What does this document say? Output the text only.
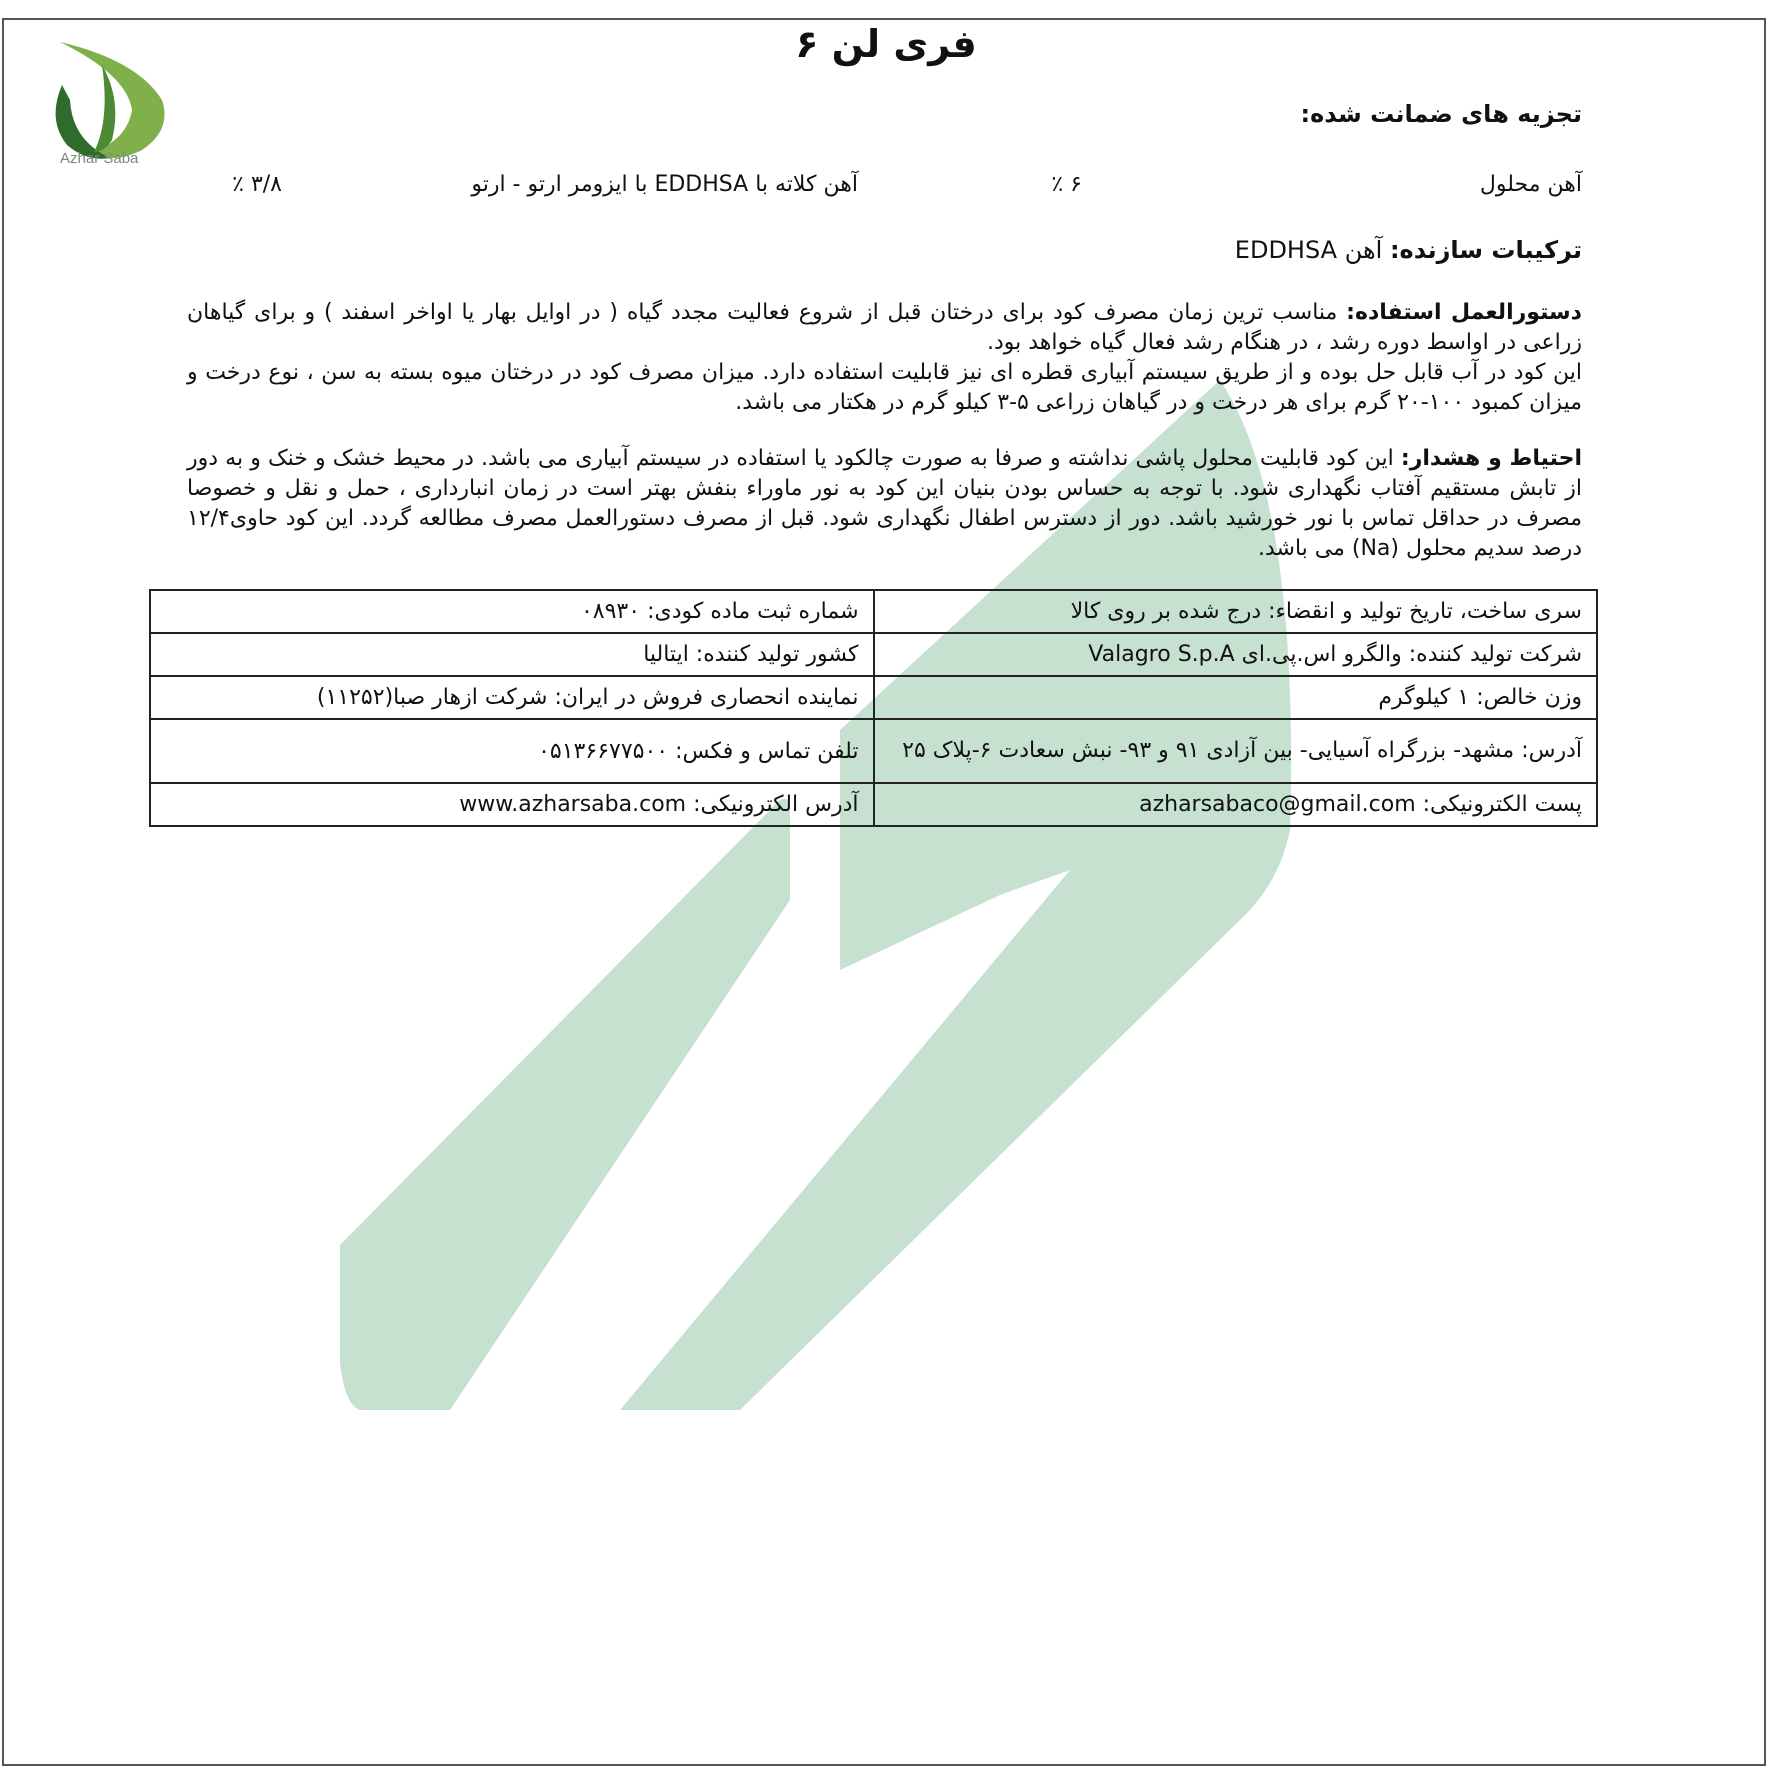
Azhar Saba
فری لن ۶
تجزیه های ضمانت شده:
آهن محلول
۶ ٪
آهن کلاته با EDDHSA با ایزومر ارتو - ارتو
۳/۸ ٪
ترکیبات سازنده: آهن EDDHSA
دستورالعمل استفاده: مناسب ترین زمان مصرف کود برای درختان قبل از شروع فعالیت مجدد گیاه ( در اوایل بهار یا اواخر اسفند ) و برای گیاهان زراعی در اواسط دوره رشد ، در هنگام رشد فعال گیاه خواهد بود.
این کود در آب قابل حل بوده و از طریق سیستم آبیاری قطره ای نیز قابلیت استفاده دارد. میزان مصرف کود در درختان میوه بسته به سن ، نوع درخت و میزان کمبود ۱۰۰-۲۰ گرم برای هر درخت و در گیاهان زراعی ۵-۳ کیلو گرم در هکتار می باشد.
احتیاط و هشدار: این کود قابلیت محلول پاشی نداشته و صرفا به صورت چالکود یا استفاده در سیستم آبیاری می باشد. در محیط خشک و خنک و به دور از تابش مستقیم آفتاب نگهداری شود. با توجه به حساس بودن بنیان این کود به نور ماوراء بنفش بهتر است در زمان انبارداری ، حمل و نقل و خصوصا مصرف در حداقل تماس با نور خورشید باشد. دور از دسترس اطفال نگهداری شود. قبل از مصرف دستورالعمل مصرف مطالعه گردد. این کود حاوی۱۲/۴ درصد سدیم محلول (Na) می باشد.
سری ساخت، تاریخ تولید و انقضاء: درج شده بر روی کالا	شماره ثبت ماده کودی: ۰۸۹۳۰
شرکت تولید کننده: والگرو اس.پی.ای Valagro S.p.A	کشور تولید کننده: ایتالیا
وزن خالص: ۱ کیلوگرم	نماینده انحصاری فروش در ایران: شرکت ازهار صبا(۱۱۲۵۲)
آدرس: مشهد- بزرگراه آسیایی- بین آزادی ۹۱ و ۹۳- نبش سعادت ۶-پلاک ۲۵	تلفن تماس و فکس: ۰۵۱۳۶۶۷۷۵۰۰
پست الکترونیکی: azharsabaco@gmail.com	آدرس الکترونیکی: www.azharsaba.com
